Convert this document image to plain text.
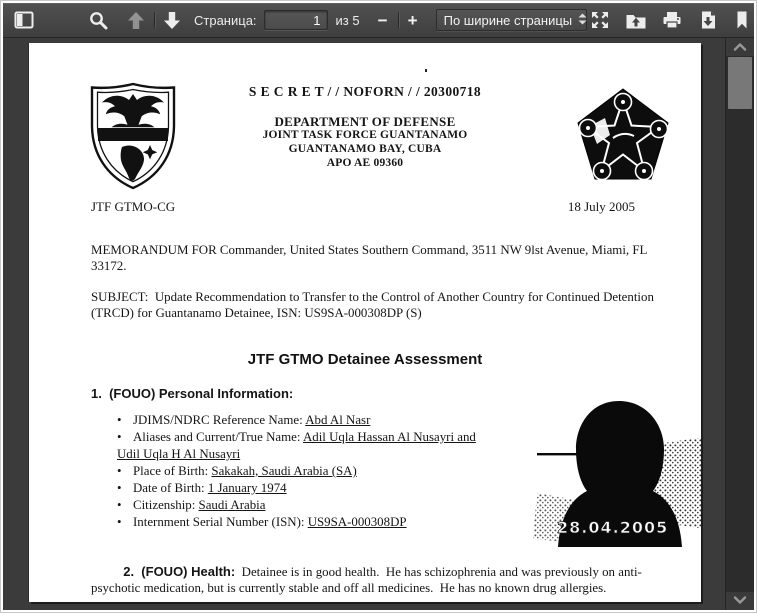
Страница:
1	из 5 − + По ширине страницы
S E C R E T / / NOFORN / / 20300718
DEPARTMENT OF DEFENSE
JOINT TASK FORCE GUANTANAMO
GUANTANAMO BAY, CUBA
APO AE 09360
JTF GTMO-CG	18 July 2005
MEMORANDUM FOR Commander, United States Southern Command, 3511 NW 9lst Avenue, Miami, FL 33172.
SUBJECT:  Update Recommendation to Transfer to the Control of Another Country for Continued Detention (TRCD) for Guantanamo Detainee, ISN: US9SA-000308DP (S)
JTF GTMO Detainee Assessment
1.  (FOUO) Personal Information:
• JDIMS/NDRC Reference Name: Abd Al Nasr
• Aliases and Current/True Name: Adil Uqla Hassan Al Nusayri and
Udil Uqla H Al Nusayri
• Place of Birth: Sakakah, Saudi Arabia (SA)
• Date of Birth: 1 January 1974
• Citizenship: Saudi Arabia
• Internment Serial Number (ISN): US9SA-000308DP	28.04.2005

2.  (FOUO) Health:  Detainee is in good health.  He has schizophrenia and was previously on anti-psychotic medication, but is currently stable and off all medicines.  He has no known drug allergies.
